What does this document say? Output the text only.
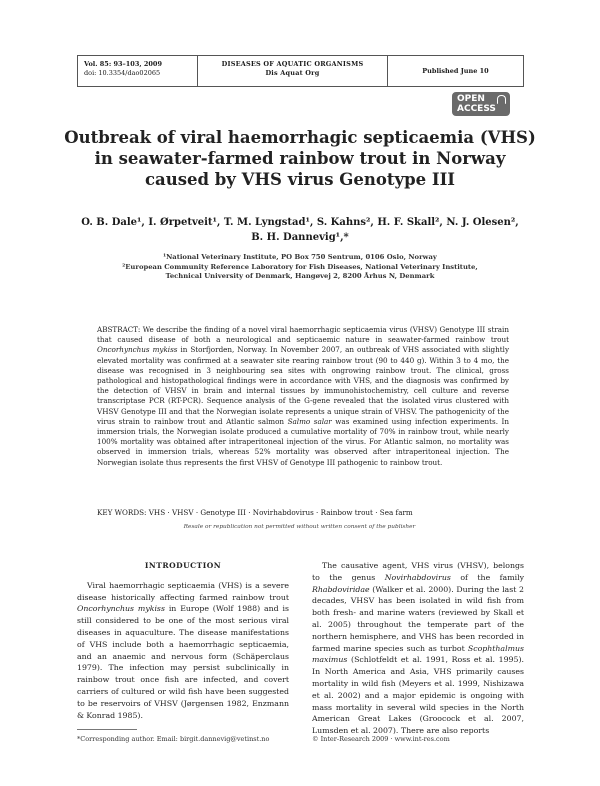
Vol. 85: 93–103, 2009
doi: 10.3354/dao02065
DISEASES OF AQUATIC ORGANISMS
Dis Aquat Org	Published June 10
OPEN
ACCESS
Outbreak of viral haemorrhagic septicaemia (VHS)
in seawater-farmed rainbow trout in Norway
caused by VHS virus Genotype III
O. B. Dale¹, I. Ørpetveit¹, T. M. Lyngstad¹, S. Kahns², H. F. Skall², N. J. Olesen²,
B. H. Dannevig¹,*
¹National Veterinary Institute, PO Box 750 Sentrum, 0106 Oslo, Norway
²European Community Reference Laboratory for Fish Diseases, National Veterinary Institute,
Technical University of Denmark, Hangøvej 2, 8200 Århus N, Denmark
ABSTRACT: We describe the finding of a novel viral haemorrhagic septicaemia virus (VHSV) Genotype III strain that caused disease of both a neurological and septicaemic nature in seawater-farmed rainbow trout Oncorhynchus mykiss in Storfjorden, Norway. In November 2007, an outbreak of VHS associated with slightly elevated mortality was confirmed at a seawater site rearing rainbow trout (90 to 440 g). Within 3 to 4 mo, the disease was recognised in 3 neighbouring sea sites with ongrowing rainbow trout. The clinical, gross pathological and histopathological findings were in accordance with VHS, and the diagnosis was confirmed by the detection of VHSV in brain and internal tissues by immunohistochemistry, cell culture and reverse transcriptase PCR (RT-PCR). Sequence analysis of the G-gene revealed that the isolated virus clustered with VHSV Genotype III and that the Norwegian isolate represents a unique strain of VHSV. The pathogenicity of the virus strain to rainbow trout and Atlantic salmon Salmo salar was examined using infection experiments. In immersion trials, the Norwegian isolate produced a cumulative mortality of 70% in rainbow trout, while nearly 100% mortality was obtained after intraperitoneal injection of the virus. For Atlantic salmon, no mortality was observed in immersion trials, whereas 52% mortality was observed after intraperitoneal injection. The Norwegian isolate thus represents the first VHSV of Genotype III pathogenic to rainbow trout.
KEY WORDS: VHS · VHSV · Genotype III · Novirhabdovirus · Rainbow trout · Sea farm
Resale or republication not permitted without written consent of the publisher
INTRODUCTION

Viral haemorrhagic septicaemia (VHS) is a severe disease historically affecting farmed rainbow trout Oncorhynchus mykiss in Europe (Wolf 1988) and is still considered to be one of the most serious viral diseases in aquaculture. The disease manifestations of VHS include both a haemorrhagic septicaemia, and an anaemic and nervous form (Schäperclaus 1979). The infection may persist subclinically in rainbow trout once fish are infected, and covert carriers of cultured or wild fish have been suggested to be reservoirs of VHSV (Jørgensen 1982, Enzmann & Konrad 1985).

The causative agent, VHS virus (VHSV), belongs to the genus Novirhabdovirus of the family Rhabdoviridae (Walker et al. 2000). During the last 2 decades, VHSV has been isolated in wild fish from both fresh- and marine waters (reviewed by Skall et al. 2005) throughout the temperate part of the northern hemisphere, and VHS has been recorded in farmed marine species such as turbot Scophthalmus maximus (Schlotfeldt et al. 1991, Ross et al. 1995). In North America and Asia, VHS primarily causes mortality in wild fish (Meyers et al. 1999, Nishizawa et al. 2002) and a major epidemic is ongoing with mass mortality in several wild species in the North American Great Lakes (Groocock et al. 2007, Lumsden et al. 2007). There are also reports

*Corresponding author. Email: birgit.dannevig@vetinst.no	© Inter-Research 2009 · www.int-res.com
